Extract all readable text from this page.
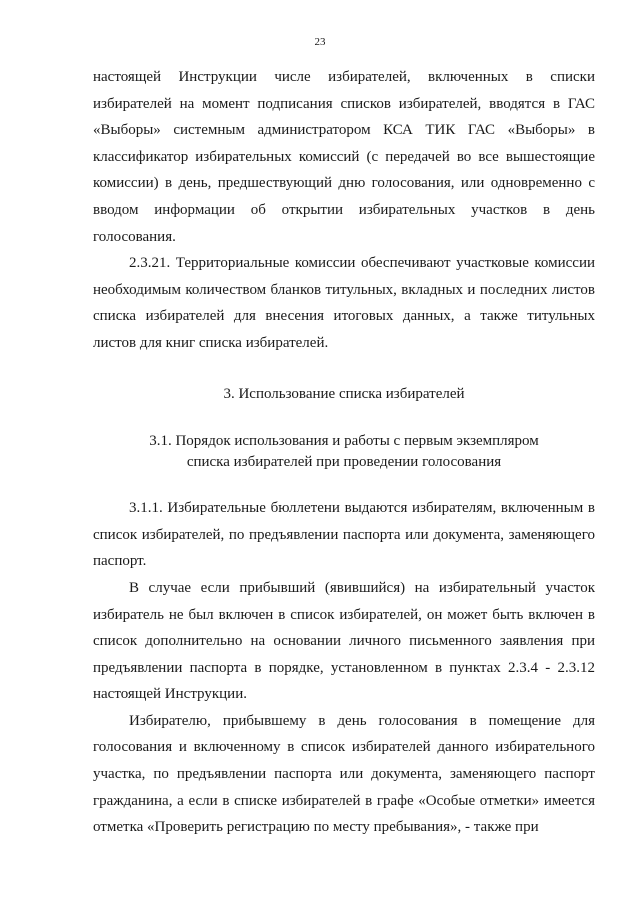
23

настоящей Инструкции числе избирателей, включенных в списки избирателей на момент подписания списков избирателей, вводятся в ГАС «Выборы» системным администратором КСА ТИК ГАС «Выборы» в классификатор избирательных комиссий (с передачей во все вышестоящие комиссии) в день, предшествующий дню голосования, или одновременно с вводом информации об открытии избирательных участков в день голосования.

2.3.21. Территориальные комиссии обеспечивают участковые комиссии необходимым количеством бланков титульных, вкладных и последних листов списка избирателей для внесения итоговых данных, а также титульных листов для книг списка избирателей.

3. Использование списка избирателей
3.1. Порядок использования и работы с первым экземпляром
списка избирателей при проведении голосования

3.1.1. Избирательные бюллетени выдаются избирателям, включенным в список избирателей, по предъявлении паспорта или документа, заменяющего паспорт.

В случае если прибывший (явившийся) на избирательный участок избиратель не был включен в список избирателей, он может быть включен в список дополнительно на основании личного письменного заявления при предъявлении паспорта в порядке, установленном в пунктах 2.3.4 - 2.3.12 настоящей Инструкции.

Избирателю, прибывшему в день голосования в помещение для голосования и включенному в список избирателей данного избирательного участка, по предъявлении паспорта или документа, заменяющего паспорт гражданина, а если в списке избирателей в графе «Особые отметки» имеется отметка «Проверить регистрацию по месту пребывания», - также при
